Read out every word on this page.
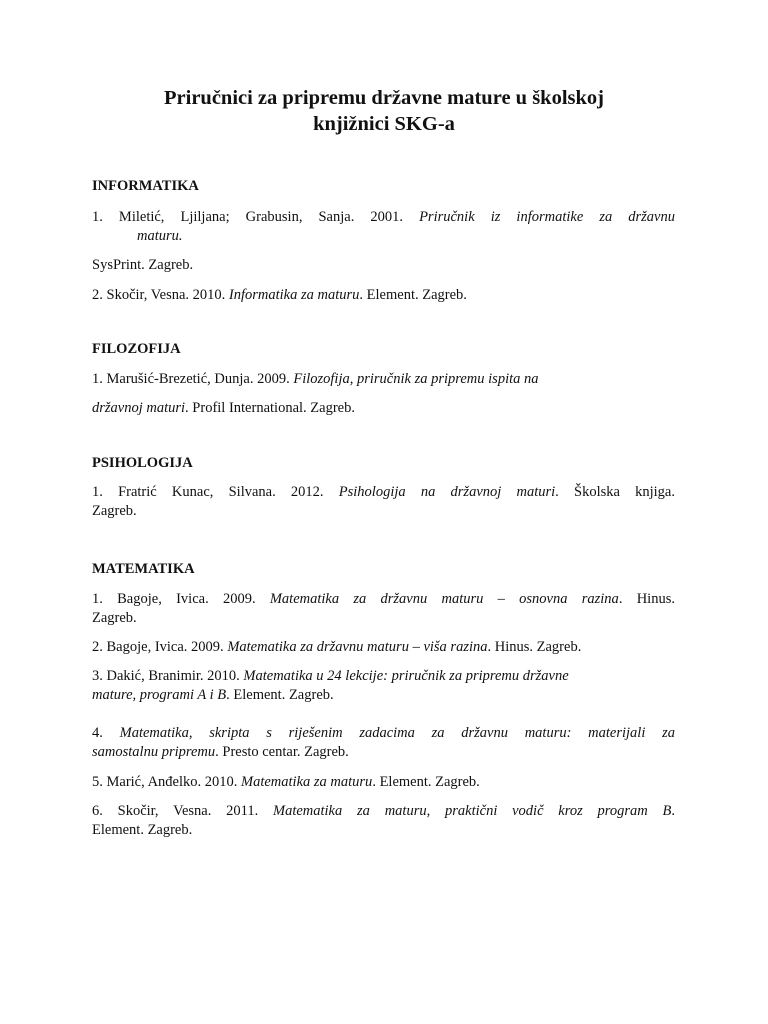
Priručnici za pripremu državne mature u školskoj
knjižnici SKG-a
INFORMATIKA
1. Miletić, Ljiljana; Grabusin, Sanja. 2001. Priručnik iz informatike za državnu
maturu.
SysPrint. Zagreb.
2. Skočir, Vesna. 2010. Informatika za maturu. Element. Zagreb.
FILOZOFIJA
1. Marušić-Brezetić, Dunja. 2009. Filozofija, priručnik za pripremu ispita na
državnoj maturi. Profil International. Zagreb.
PSIHOLOGIJA
1. Fratrić Kunac, Silvana. 2012. Psihologija na državnoj maturi. Školska knjiga.
Zagreb.
MATEMATIKA
1. Bagoje, Ivica. 2009. Matematika za državnu maturu – osnovna razina. Hinus.
Zagreb.
2. Bagoje, Ivica. 2009. Matematika za državnu maturu – viša razina. Hinus. Zagreb.
3. Dakić, Branimir. 2010. Matematika u 24 lekcije: priručnik za pripremu državne
mature, programi A i B. Element. Zagreb.
4. Matematika, skripta s riješenim zadacima za državnu maturu: materijali za
samostalnu pripremu. Presto centar. Zagreb.
5. Marić, Anđelko. 2010. Matematika za maturu. Element. Zagreb.
6. Skočir, Vesna. 2011. Matematika za maturu, praktični vodič kroz program B.
Element. Zagreb.
